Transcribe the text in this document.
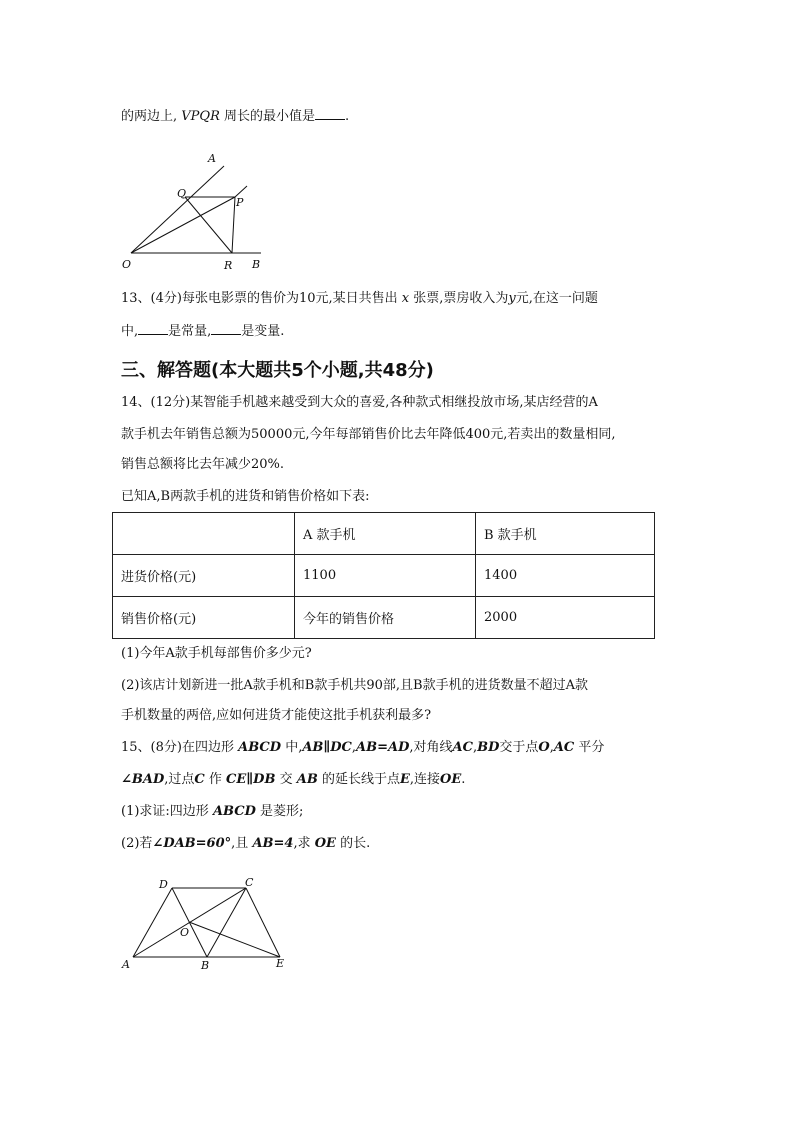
的两边上, VPQR 周长的最小值是 .
A
Q
P
O	R B
13、(4分)每张电影票的售价为10元,某日共售出 x 张票,票房收入为y元,在这一问题
中, 是常量, 是变量.
三、解答题(本大题共5个小题,共48分)
14、(12分)某智能手机越来越受到大众的喜爱,各种款式相继投放市场,某店经营的A
款手机去年销售总额为50000元,今年每部销售价比去年降低400元,若卖出的数量相同,
销售总额将比去年减少20%.
已知A,B两款手机的进货和销售价格如下表:
	A 款手机	B 款手机
进货价格(元)	1100	1400
销售价格(元)	今年的销售价格	2000
(1)今年A款手机每部售价多少元?
(2)该店计划新进一批A款手机和B款手机共90部,且B款手机的进货数量不超过A款
手机数量的两倍,应如何进货才能使这批手机获利最多?
15、(8分)在四边形 ABCD 中,AB∥DC,AB=AD,对角线AC,BD交于点O,AC 平分
∠BAD,过点C 作 CE∥DB 交 AB 的延长线于点E,连接OE.
(1)求证:四边形 ABCD 是菱形;
(2)若∠DAB=60°,且 AB=4,求 OE 的长.
D	C
O
A	B	E
